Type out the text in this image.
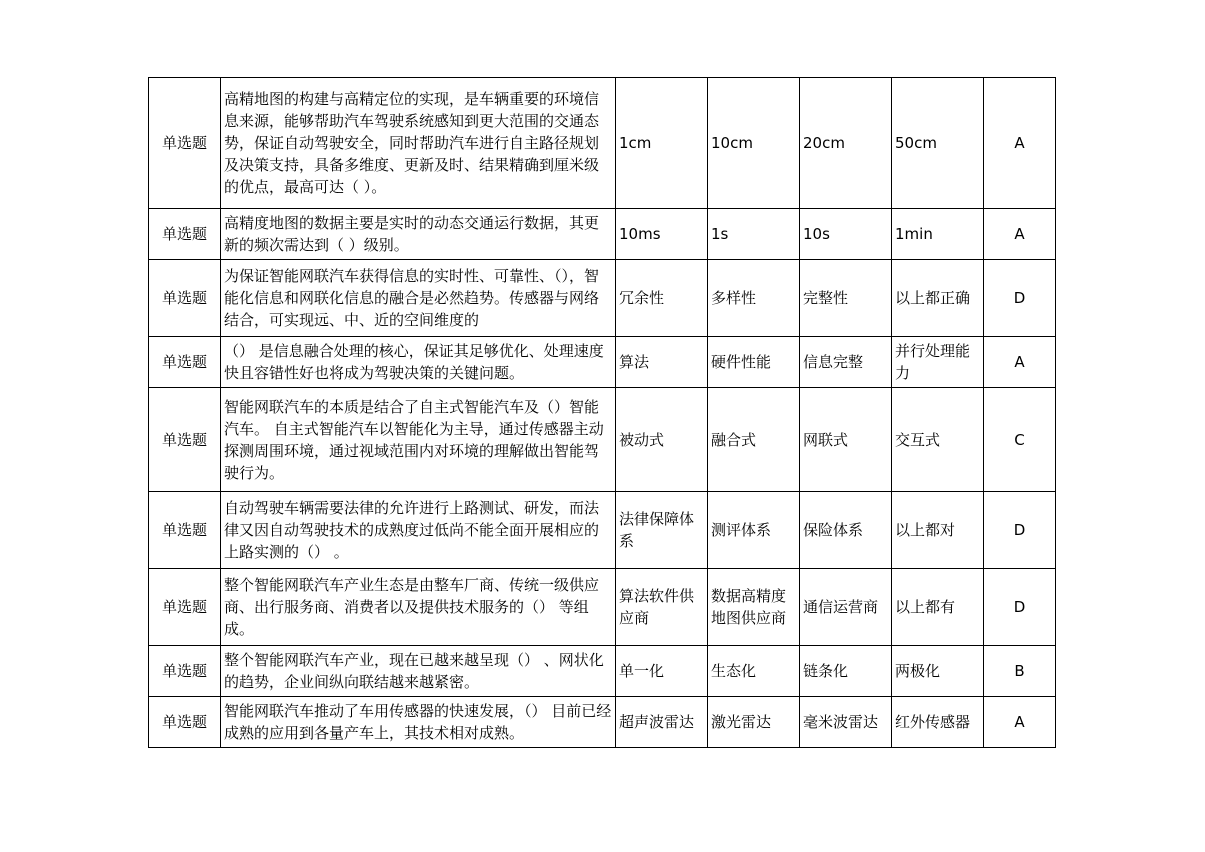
单选题	高精地图的构建与高精定位的实现，是车辆重要的环境信息来源，能够帮助汽车驾驶系统感知到更大范围的交通态势，保证自动驾驶安全，同时帮助汽车进行自主路径规划及决策支持，具备多维度、更新及时、结果精确到厘米级的优点，最高可达（ ）。	1cm	10cm	20cm	50cm	A
单选题	高精度地图的数据主要是实时的动态交通运行数据，其更新的频次需达到（ ）级别。	10ms	1s	10s	1min	A
单选题	为保证智能网联汽车获得信息的实时性、可靠性、（），智能化信息和网联化信息的融合是必然趋势。传感器与网络结合，可实现远、中、近的空间维度的	冗余性	多样性	完整性	以上都正确	D
单选题	（） 是信息融合处理的核心，保证其足够优化、处理速度快且容错性好也将成为驾驶决策的关键问题。	算法	硬件性能	信息完整	并行处理能力	A
单选题	智能网联汽车的本质是结合了自主式智能汽车及（）智能汽车。 自主式智能汽车以智能化为主导，通过传感器主动探测周围环境，通过视域范围内对环境的理解做出智能驾驶行为。	被动式	融合式	网联式	交互式	C
单选题	自动驾驶车辆需要法律的允许进行上路测试、研发，而法律又因自动驾驶技术的成熟度过低尚不能全面开展相应的上路实测的（） 。	法律保障体系	测评体系	保险体系	以上都对	D
单选题	整个智能网联汽车产业生态是由整车厂商、传统一级供应商、出行服务商、消费者以及提供技术服务的（） 等组成。	算法软件供应商	数据高精度地图供应商	通信运营商	以上都有	D
单选题	整个智能网联汽车产业，现在已越来越呈现（） 、网状化的趋势，企业间纵向联结越来越紧密。	单一化	生态化	链条化	两极化	B
单选题	智能网联汽车推动了车用传感器的快速发展，（） 目前已经成熟的应用到各量产车上，其技术相对成熟。	超声波雷达	激光雷达	毫米波雷达	红外传感器	A
